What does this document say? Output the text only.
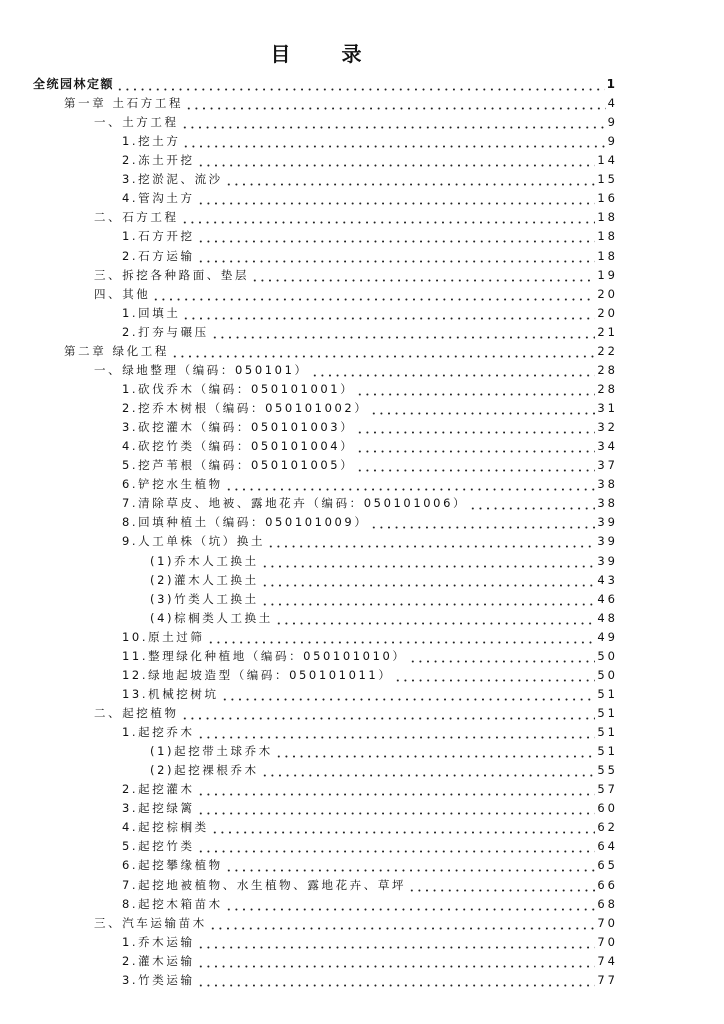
目 录
全统园林定额	1
第一章 土石方工程	4
一、土方工程	9
1.挖土方	9
2.冻土开挖	14
3.挖淤泥、流沙	15
4.管沟土方	16
二、石方工程	18
1.石方开挖	18
2.石方运输	18
三、拆挖各种路面、垫层	19
四、其他	20
1.回填土	20
2.打夯与碾压	21
第二章 绿化工程	22
一、绿地整理（编码：050101）	28
1.砍伐乔木（编码：050101001）	28
2.挖乔木树根（编码：050101002）	31
3.砍挖灌木（编码：050101003）	32
4.砍挖竹类（编码：050101004）	34
5.挖芦苇根（编码：050101005）	37
6.铲挖水生植物	38
7.清除草皮、地被、露地花卉（编码：050101006）	38
8.回填种植土（编码：050101009）	39
9.人工单株（坑）换土	39
(1)乔木人工换土	39
(2)灌木人工换土	43
(3)竹类人工换土	46
(4)棕榈类人工换土	48
10.原土过筛	49
11.整理绿化种植地（编码：050101010）	50
12.绿地起坡造型（编码：050101011）	50
13.机械挖树坑	51
二、起挖植物	51
1.起挖乔木	51
(1)起挖带土球乔木	51
(2)起挖裸根乔木	55
2.起挖灌木	57
3.起挖绿篱	60
4.起挖棕榈类	62
5.起挖竹类	64
6.起挖攀缘植物	65
7.起挖地被植物、水生植物、露地花卉、草坪	66
8.起挖木箱苗木	68
三、汽车运输苗木	70
1.乔木运输	70
2.灌木运输	74
3.竹类运输	77
